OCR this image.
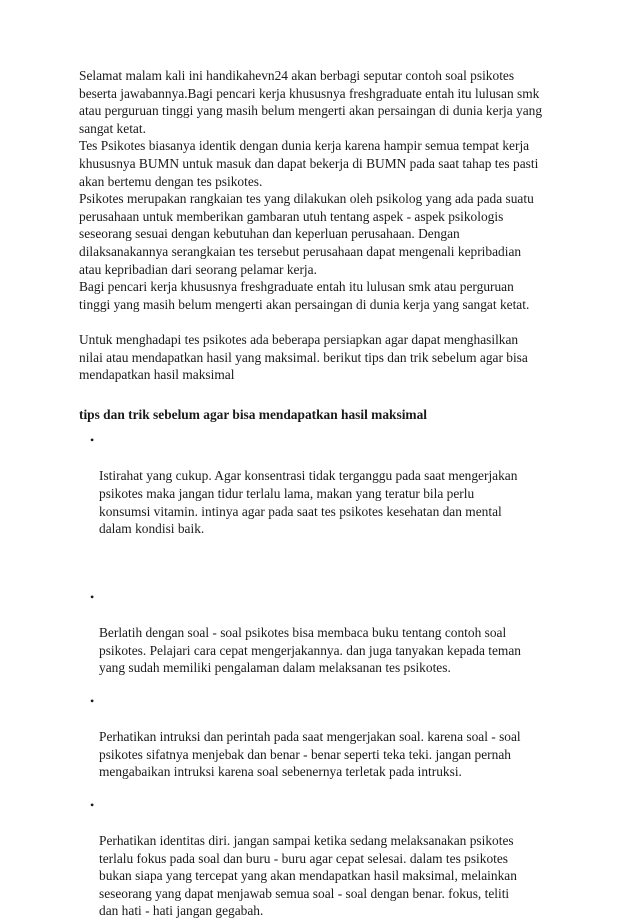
Selamat malam kali ini handikahevn24 akan berbagi seputar contoh soal psikotes
beserta jawabannya.Bagi pencari kerja khususnya freshgraduate entah itu lulusan smk
atau perguruan tinggi yang masih belum mengerti akan persaingan di dunia kerja yang
sangat ketat.
Tes Psikotes biasanya identik dengan dunia kerja karena hampir semua tempat kerja
khususnya BUMN untuk masuk dan dapat bekerja di BUMN pada saat tahap tes pasti
akan bertemu dengan tes psikotes.
Psikotes merupakan rangkaian tes yang dilakukan oleh psikolog yang ada pada suatu
perusahaan untuk memberikan gambaran utuh tentang aspek - aspek psikologis
seseorang sesuai dengan kebutuhan dan keperluan perusahaan. Dengan
dilaksanakannya serangkaian tes tersebut perusahaan dapat mengenali kepribadian
atau kepribadian dari seorang pelamar kerja.
Bagi pencari kerja khususnya freshgraduate entah itu lulusan smk atau perguruan
tinggi yang masih belum mengerti akan persaingan di dunia kerja yang sangat ketat.

Untuk menghadapi tes psikotes ada beberapa persiapkan agar dapat menghasilkan
nilai atau mendapatkan hasil yang maksimal. berikut tips dan trik sebelum agar bisa
mendapatkan hasil maksimal

tips dan trik sebelum agar bisa mendapatkan hasil maksimal

•

Istirahat yang cukup. Agar konsentrasi tidak terganggu pada saat mengerjakan
psikotes maka jangan tidur terlalu lama, makan yang teratur bila perlu
konsumsi vitamin. intinya agar pada saat tes psikotes kesehatan dan mental
dalam kondisi baik.

•

Berlatih dengan soal - soal psikotes bisa membaca buku tentang contoh soal
psikotes. Pelajari cara cepat mengerjakannya. dan juga tanyakan kepada teman
yang sudah memiliki pengalaman dalam melaksanan tes psikotes.

•

Perhatikan intruksi dan perintah pada saat mengerjakan soal. karena soal - soal
psikotes sifatnya menjebak dan benar - benar seperti teka teki. jangan pernah
mengabaikan intruksi karena soal sebenernya terletak pada intruksi.

•

Perhatikan identitas diri. jangan sampai ketika sedang melaksanakan psikotes
terlalu fokus pada soal dan buru - buru agar cepat selesai. dalam tes psikotes
bukan siapa yang tercepat yang akan mendapatkan hasil maksimal, melainkan
seseorang yang dapat menjawab semua soal - soal dengan benar. fokus, teliti
dan hati - hati jangan gegabah.
